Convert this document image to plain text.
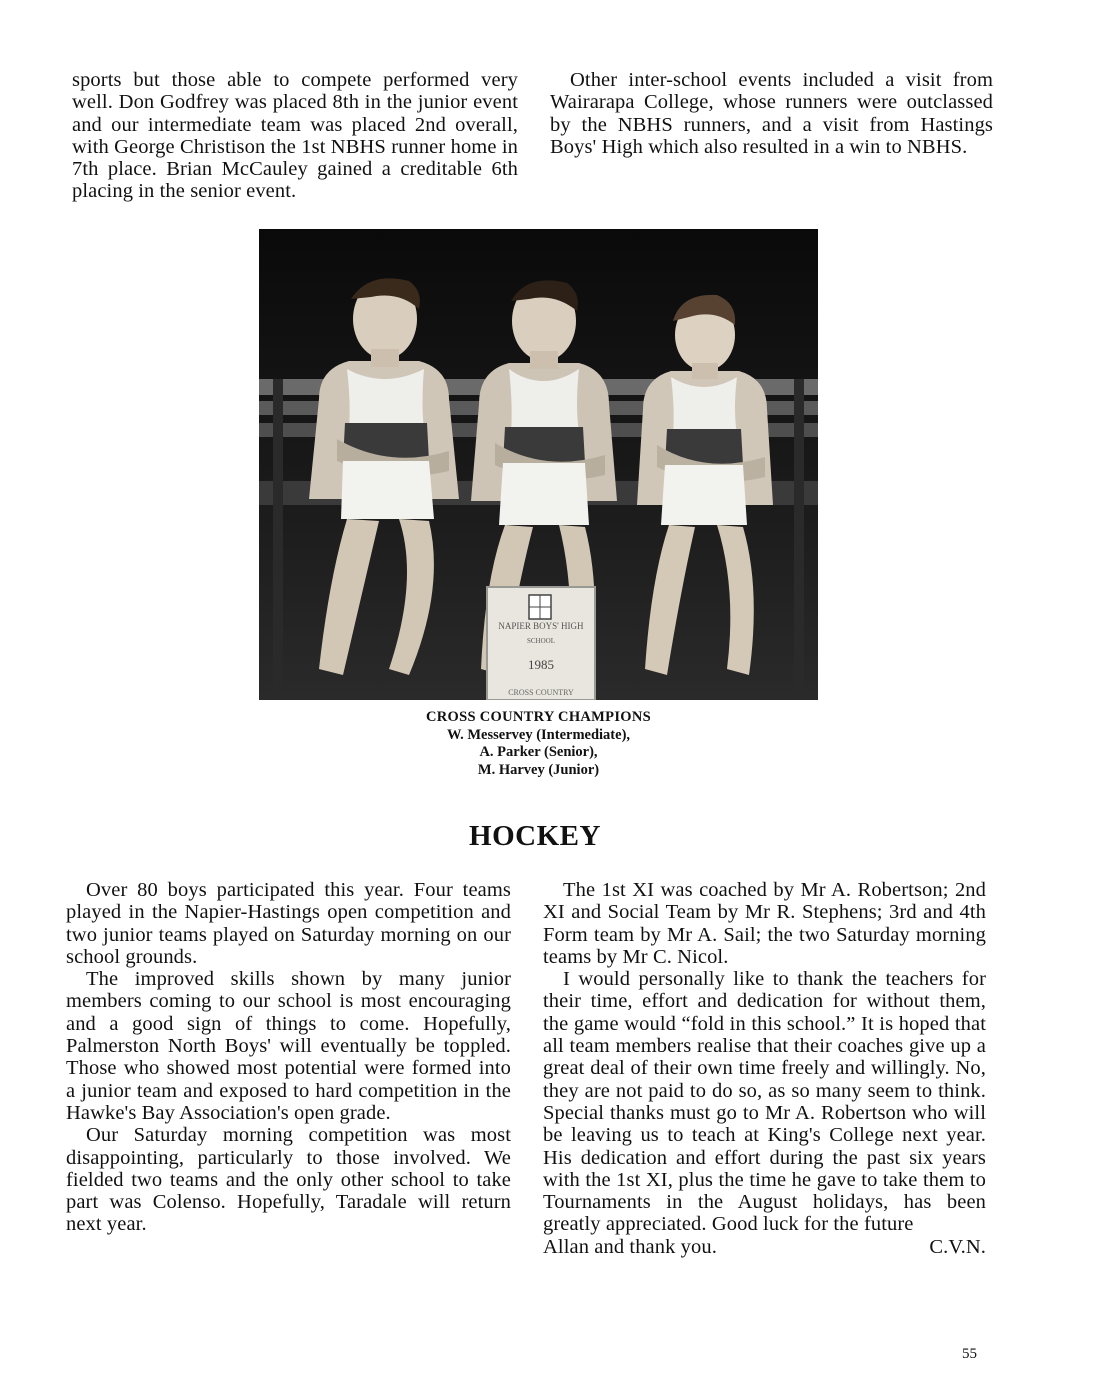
sports but those able to compete performed very well. Don Godfrey was placed 8th in the junior event and our intermediate team was placed 2nd overall, with George Christison the 1st NBHS runner home in 7th place. Brian McCauley gained a creditable 6th placing in the senior event.

Other inter-school events included a visit from Wairarapa College, whose runners were outclassed by the NBHS runners, and a visit from Hastings Boys' High which also resulted in a win to NBHS.

NAPIER BOYS' HIGH
SCHOOL
1985
CROSS COUNTRY
CROSS COUNTRY CHAMPIONS
W. Messervey (Intermediate),
A. Parker (Senior),
M. Harvey (Junior)
HOCKEY

Over 80 boys participated this year. Four teams played in the Napier-Hastings open competition and two junior teams played on Saturday morning on our school grounds.

The improved skills shown by many junior members coming to our school is most encouraging and a good sign of things to come. Hopefully, Palmerston North Boys' will eventually be toppled. Those who showed most potential were formed into a junior team and exposed to hard competition in the Hawke's Bay Association's open grade.

Our Saturday morning competition was most disappointing, particularly to those involved. We fielded two teams and the only other school to take part was Colenso. Hopefully, Taradale will return next year.

The 1st XI was coached by Mr A. Robertson; 2nd XI and Social Team by Mr R. Stephens; 3rd and 4th Form team by Mr A. Sail; the two Saturday morning teams by Mr C. Nicol.

I would personally like to thank the teachers for their time, effort and dedication for without them, the game would “fold in this school.” It is hoped that all team members realise that their coaches give up a great deal of their own time freely and willingly. No, they are not paid to do so, as so many seem to think. Special thanks must go to Mr A. Robertson who will be leaving us to teach at King's College next year. His dedication and effort during the past six years with the 1st XI, plus the time he gave to take them to Tournaments in the August holidays, has been greatly appreciated. Good luck for the future

Allan and thank you.	C.V.N.
55
